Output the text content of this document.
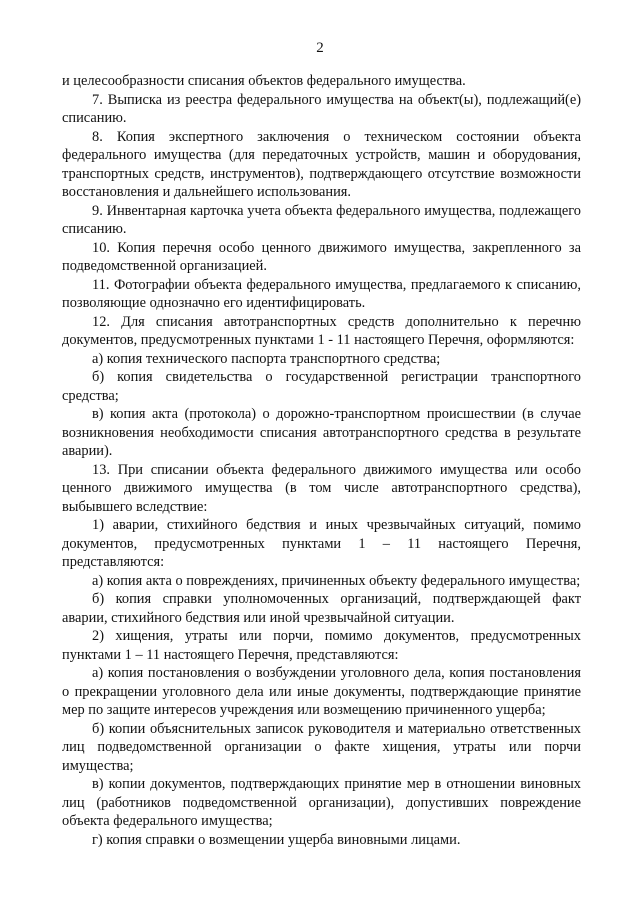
2

и целесообразности списания объектов федерального имущества.

7. Выписка из реестра федерального имущества на объект(ы), подлежащий(е) списанию.

8. Копия экспертного заключения о техническом состоянии объекта федерального имущества (для передаточных устройств, машин и оборудования, транспортных средств, инструментов), подтверждающего отсутствие возможности восстановления и дальнейшего использования.

9. Инвентарная карточка учета объекта федерального имущества, подлежащего списанию.

10. Копия перечня особо ценного движимого имущества, закрепленного за подведомственной организацией.

11. Фотографии объекта федерального имущества, предлагаемого к списанию, позволяющие однозначно его идентифицировать.

12. Для списания автотранспортных средств дополнительно к перечню документов, предусмотренных пунктами 1 - 11 настоящего Перечня, оформляются:

а) копия технического паспорта транспортного средства;

б) копия свидетельства о государственной регистрации транспортного средства;

в) копия акта (протокола) о дорожно-транспортном происшествии (в случае возникновения необходимости списания автотранспортного средства в результате аварии).

13. При списании объекта федерального движимого имущества или особо ценного движимого имущества (в том числе автотранспортного средства), выбывшего вследствие:

1) аварии, стихийного бедствия и иных чрезвычайных ситуаций, помимо документов, предусмотренных пунктами 1 – 11 настоящего Перечня, представляются:

а) копия акта о повреждениях, причиненных объекту федерального имущества;

б) копия справки уполномоченных организаций, подтверждающей факт аварии, стихийного бедствия или иной чрезвычайной ситуации.

2) хищения, утраты или порчи, помимо документов, предусмотренных пунктами 1 – 11 настоящего Перечня, представляются:

а) копия постановления о возбуждении уголовного дела, копия постановления о прекращении уголовного дела или иные документы, подтверждающие принятие мер по защите интересов учреждения или возмещению причиненного ущерба;

б) копии объяснительных записок руководителя и материально ответственных лиц подведомственной организации о факте хищения, утраты или порчи имущества;

в) копии документов, подтверждающих принятие мер в отношении виновных лиц (работников подведомственной организации), допустивших повреждение объекта федерального имущества;

г) копия справки о возмещении ущерба виновными лицами.
